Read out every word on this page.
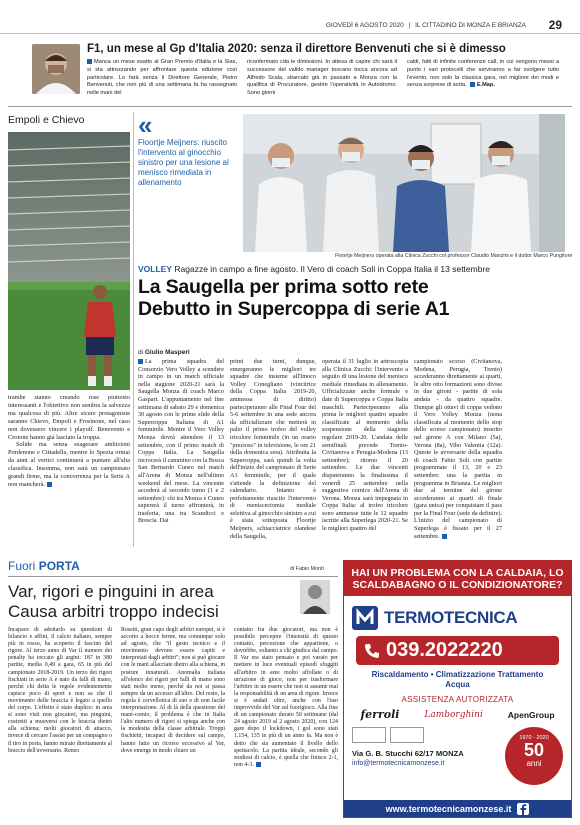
GIOVEDÌ 6 AGOSTO 2020 | IL CITTADINO DI MONZA E BRIANZA 29
F1, un mese al Gp d'Italia 2020: senza il direttore Benvenuti che si è dimesso
Manca un mese esatto al Gran Premio d'Italia e la Sias, si sta attrezzando per affrontare questa edizione così particolare. Lo farà senza il Direttore Generale, Pietro Benvenuti, che non più di una settimana fa ha rassegnato nelle mani del
riconfermato cda le dimissioni. In attesa di capire chi sarà il successore del valido manager toscano tocca ancora ad Alfredo Scala, sbarcato già in passato a Monza con la qualifica di Procuratore, gestire l'operatività in Autodromo. Sono giorni
caldi, fatti di infinite conferenze call, in cui vengono messi a punto i vari protocolli che serviranno a far svolgere tutto l'evento, non solo la classica gara, nel migliore dei modi e senza sorprese di sorta. E.Map.
Empoli e Chievo
trambe stanno creando rose piuttosto interessanti e l'obiettivo non sembra la salvezza ma qualcosa di più. Altre sicure protagoniste saranno Chievo, Empoli e Frosinone, nel caso non dovessero vincere i playoff. Benevento e Crotone hanno già lasciato la troppa.
Solide ma senza esagerare ambizioni Pordenone e Cittadella, mentre lo Spezia ormai da anni al vertici continuerà a puntare all'alta classifica. Insomma, non sarà un campionato grandi firme, ma la concorrenza per la Serie A non mancherà.
«
Floortje Meijners: riuscito l'intervento al ginocchio sinistro per una lesione al menisco rimediata in allenamento
Floortje Meijners operata alla Clinica Zucchi col professor Claudio Manzini e il dottor Marco Pungitore
VOLLEY Ragazze in campo a fine agosto. Il Vero di coach Soli in Coppa Italia il 13 settembre
La Saugella per prima sotto rete
Debutto in Supercoppa di serie A1
di Giulio Masperi
La prima squadra del Consorzio Vero Volley a scendere in campo in un match ufficiale nella stagione 2020-21 sarà la Saugella Monza di coach Marco Gaspari. L'appuntamento nel fine settimana di sabato 29 e domenica 30 agosto con le prime sfide della Supercoppa Italiana di A1 femminile. Mentre il Vero Volley Monza dovrà attendere il 13 settembre, con il primo match di Coppa Italia. La Saugella incrocerà il cammino con la Bosca San Bernardo Cuneo nel match all'Arena di Monza nell'ultimo weekend del mese. La vincente accederà al secondo turno (1 e 2 settembre): chi tra Monza e Cuneo supererà il turno affronterà, in trasferta, una tra Scandicci e Brescia. Dai
primi due turni, dunque, emergeranno le migliori tre squadre che insieme all'Imoco Volley Conegliano (vincitrice della Coppa Italia 2019-20, ammessa di diritto) parteciperanno alle Final Four del 5-6 settembre in una sede ancora da ufficializzare che metterà in palio il primo trofeo del volley tricolore femminile (in un orario "prezioso" in televisione, le ore 21 della domenica sera). Attribuita la Supercoppa, sarà quindi la volta dell'inizio del campionato di Serie A1 femminile, per il quale s'attende la definizione del calendario. Intanto è perfettamente riuscito l'intervento di meniscectomia mediale selettiva al ginocchio sinistro a cui è stata sottoposta Floortje Meijners, schiacciatrice olandese della Saugella,
operata il 31 luglio in artroscopia alla Clinica Zucchi: l'intervento a seguito di una lesione del menisco mediale rimediata in allenamento. Ufficializzate anche formule e date di Supercoppa e Coppa Italia maschili. Parteciperanno alla prima le migliori quattro squadre classificate al momento della sospensione della stagione regolare 2019-20. L'andata delle semifinali prevede Trento-Civitanova e Perugia-Modena (13 settembre); ritorno il 20 settembre. Le due vincenti disputeranno la finalissima il venerdì 25 settembre nella suggestiva cornice dell'Arena di Verona. Monza sarà impegnata in Coppa Italia: al trofeo tricolore sono ammesse tutte le 12 squadre iscritte alla Superlega 2020-21. Se le migliori quattro del
campionato scorso (Civitanova, Modena, Perugia, Trento) accederanno direttamente ai quarti, le altre otto formazioni sono divise in due gironi - partite di sola andata - da quattro squadre. Dunque gli ottavi di coppa vedono il Vero Volley Monza (nona classificata al momento dello stop dello scorso campionato) inserito nel girone A con Milano (5a), Verona (8a), Vibo Valentia (12a). Queste le avversarie della squadra di coach Fabio Soli con partite programmate il 13, 20 e 23 settembre: una la partita in programma in Brianza. Le migliori due al termine del girone accederanno ai quarti di finale (gara unica) per conquistare il pass per la Final Four (sede da definire). L'inizio del campionato di Superlega è fissato per il 27 settembre.
Fuori PORTA	di Fabio Monti
Var, rigori e pinguini in area
Causa arbitri troppo indecisi
Incapace di adottarlo su questioni di bilancio e affini, il calcio italiano, sempre più in rosso, ha scoperto il fascino del rigore. Al terzo anno di Var il numero dei penalty ha toccato gli argini: 187 in 380 partite, media 0,49 a gara, 65 in più del campionato 2018-2019. Un terzo dei rigori fischiati in serie A è nato da falli di mano, perché chi detta le regole evidentemente capisce poco di sport e non sa che il movimento delle braccia è legato a quello del corpo. L'effetto è stato duplice: in area si sono visti non giocatori, ma pinguini, costretti a muoversi con le braccia dietro alla schiena; molti giocatori di attacco, invece di cercare l'assist per un compagno o il tiro in porta, hanno mirato direttamente al braccio dell'avversario. Renzo
Rosetti, gran capo degli arbitri europei, si è accorto a bocce ferme, ma comunque solo ad agosto, che "il gesto tecnico e il movimento devono essere capiti e interpretati dagli arbitri"; non si può giocare con le mani allacciate dietro alla schiena, in posture innaturali. Anomalia italiana all'elenco dei rigori per falli di mano sono stati molto meno, perché da noi si passa sempre da un accesso all'altro. Del resto, la regola è cervellotica di suo e di non facile interpretazione. Al di là della questione del mani-comio, il problema è che in Italia l'alto numero di rigori si spiega anche con la modestia della classe arbitrale. Troppi fischietti, incapaci di decidere sul campo, hanno fatto un ricorso eccessivo al Var, dove emerge in modo chiaro un
contatto fra due giocatori, ma non è possibile percepire l'intensità di questo contatto, percezione che appartiene, o dovrebbe, soltanto a chi giudica dal campo. Il Var era stato pensato e poi varato per mettere in luce eventuali episodi sfuggiti all'arbitro in aree molto affollate o di un'azione di gioco, non per trasformare l'arbitro in un essere che non si assume mai la responsabilità di un area di rigore. Invece si è andati oltre, anche con l'uso improvvido del Var sul fuorigioco. Alla fine di un campionato durato 50 settimane (dal 24 agosto 2019 al 2 agosto 2020), con 124 gare dopo il lockdown, i gol sono stati 1.154, 135 in più di un anno fa. Ma non è detto che sia aumentato il livello dello spettacolo. La partita ideale, secondo gli studiosi di calcio, è quella che finisce 2-1, non 4-3.
HAI UN PROBLEMA CON LA CALDAIA, LO SCALDABAGNO O IL CONDIZIONATORE?
TERMOTECNICA
039.2022220
Riscaldamento • Climatizzazione Trattamento Acqua
ASSISTENZA AUTORIZZATA
ferroli	Lamborghini	ApenGroup
Via G. B. Stucchi 62/17 MONZA
info@termotecnicamonzese.it
1970 - 2020
50
anni
www.termotecnicamonzese.it
